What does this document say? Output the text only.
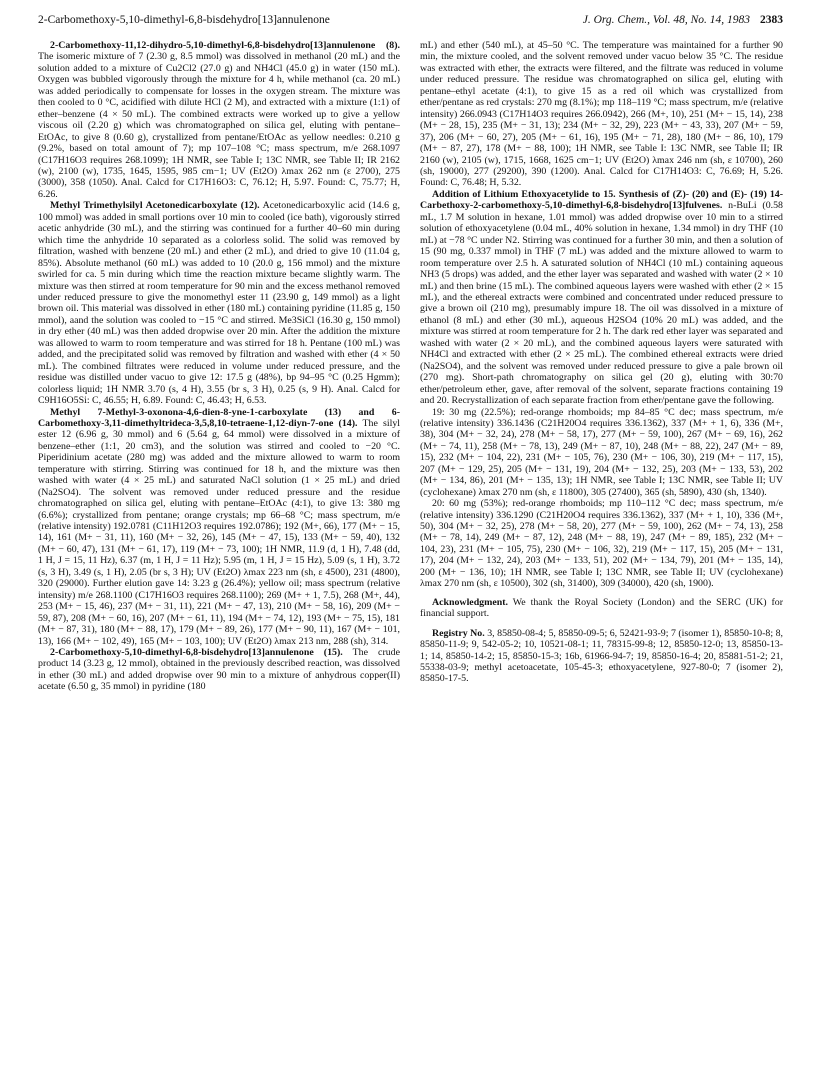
2-Carbomethoxy-5,10-dimethyl-6,8-bisdehydro[13]annulenone	J. Org. Chem., Vol. 48, No. 14, 1983 2383

2-Carbomethoxy-11,12-dihydro-5,10-dimethyl-6,8-bisdehydro[13]annulenone (8). The isomeric mixture of 7 (2.30 g, 8.5 mmol) was dissolved in methanol (20 mL) and the solution added to a mixture of Cu2Cl2 (27.0 g) and NH4Cl (45.0 g) in water (150 mL). Oxygen was bubbled vigorously through the mixture for 4 h, while methanol (ca. 20 mL) was added periodically to compensate for losses in the oxygen stream. The mixture was then cooled to 0 °C, acidified with dilute HCl (2 M), and extracted with a mixture (1:1) of ether–benzene (4 × 50 mL). The combined extracts were worked up to give a yellow viscous oil (2.20 g) which was chromatographed on silica gel, eluting with pentane–EtOAc, to give 8 (0.60 g), crystallized from pentane/EtOAc as yellow needles: 0.210 g (9.2%, based on total amount of 7); mp 107–108 °C; mass spectrum, m/e 268.1097 (C17H16O3 requires 268.1099); 1H NMR, see Table I; 13C NMR, see Table II; IR 2162 (w), 2100 (w), 1735, 1645, 1595, 985 cm−1; UV (Et2O) λmax 262 nm (ε 2700), 275 (3000), 358 (1050). Anal. Calcd for C17H16O3: C, 76.12; H, 5.97. Found: C, 75.77; H, 6.26.

Methyl Trimethylsilyl Acetonedicarboxylate (12). Acetonedicarboxylic acid (14.6 g, 100 mmol) was added in small portions over 10 min to cooled (ice bath), vigorously stirred acetic anhydride (30 mL), and the stirring was continued for a further 40–60 min during which time the anhydride 10 separated as a colorless solid. The solid was removed by filtration, washed with benzene (20 mL) and ether (2 mL), and dried to give 10 (11.04 g, 85%). Absolute methanol (60 mL) was added to 10 (20.0 g, 156 mmol) and the mixture swirled for ca. 5 min during which time the reaction mixture became slightly warm. The mixture was then stirred at room temperature for 90 min and the excess methanol removed under reduced pressure to give the monomethyl ester 11 (23.90 g, 149 mmol) as a light brown oil. This material was dissolved in ether (180 mL) containing pyridine (11.85 g, 150 mmol), aand the solution was cooled to −15 °C and stirred. Me3SiCl (16.30 g, 150 mmol) in dry ether (40 mL) was then added dropwise over 20 min. After the addition the mixture was allowed to warm to room temperature and was stirred for 18 h. Pentane (100 mL) was added, and the precipitated solid was removed by filtration and washed with ether (4 × 50 mL). The combined filtrates were reduced in volume under reduced pressure, and the residue was distilled under vacuo to give 12: 17.5 g (48%), bp 94–95 °C (0.25 Hgmm); colorless liquid; 1H NMR 3.70 (s, 4 H), 3.55 (br s, 3 H), 0.25 (s, 9 H). Anal. Calcd for C9H16O5Si: C, 46.55; H, 6.89. Found: C, 46.43; H, 6.53.

Methyl 7-Methyl-3-oxonona-4,6-dien-8-yne-1-carboxylate (13) and 6-Carbomethoxy-3,11-dimethyltrideca-3,5,8,10-tetraene-1,12-diyn-7-one (14). The silyl ester 12 (6.96 g, 30 mmol) and 6 (5.64 g, 64 mmol) were dissolved in a mixture of benzene–ether (1:1, 20 cm3), and the solution was stirred and cooled to −20 °C. Piperidinium acetate (280 mg) was added and the mixture allowed to warm to room temperature with stirring. Stirring was continued for 18 h, and the mixture was then washed with water (4 × 25 mL) and saturated NaCl solution (1 × 25 mL) and dried (Na2SO4). The solvent was removed under reduced pressure and the residue chromatographed on silica gel, eluting with pentane–EtOAc (4:1), to give 13: 380 mg (6.6%); crystallized from pentane; orange crystals; mp 66–68 °C; mass spectrum, m/e (relative intensity) 192.0781 (C11H12O3 requires 192.0786); 192 (M+, 66), 177 (M+ − 15, 14), 161 (M+ − 31, 11), 160 (M+ − 32, 26), 145 (M+ − 47, 15), 133 (M+ − 59, 40), 132 (M+ − 60, 47), 131 (M+ − 61, 17), 119 (M+ − 73, 100); 1H NMR, 11.9 (d, 1 H), 7.48 (dd, 1 H, J = 15, 11 Hz), 6.37 (m, 1 H, J = 11 Hz); 5.95 (m, 1 H, J = 15 Hz), 5.09 (s, 1 H), 3.72 (s, 3 H), 3.49 (s, 1 H), 2.05 (br s, 3 H); UV (Et2O) λmax 223 nm (sh, ε 4500), 231 (4800), 320 (29000). Further elution gave 14: 3.23 g (26.4%); yellow oil; mass spectrum (relative intensity) m/e 268.1100 (C17H16O3 requires 268.1100); 269 (M+ + 1, 7.5), 268 (M+, 44), 253 (M+ − 15, 46), 237 (M+ − 31, 11), 221 (M+ − 47, 13), 210 (M+ − 58, 16), 209 (M+ − 59, 87), 208 (M+ − 60, 16), 207 (M+ − 61, 11), 194 (M+ − 74, 12), 193 (M+ − 75, 15), 181 (M+ − 87, 31), 180 (M+ − 88, 17), 179 (M+ − 89, 26), 177 (M+ − 90, 11), 167 (M+ − 101, 13), 166 (M+ − 102, 49), 165 (M+ − 103, 100); UV (Et2O) λmax 213 nm, 288 (sh), 314.

2-Carbomethoxy-5,10-dimethyl-6,8-bisdehydro[13]annulenone (15). The crude product 14 (3.23 g, 12 mmol), obtained in the previously described reaction, was dissolved in ether (30 mL) and added dropwise over 90 min to a mixture of anhydrous copper(II) acetate (6.50 g, 35 mmol) in pyridine (180

mL) and ether (540 mL), at 45–50 °C. The temperature was maintained for a further 90 min, the mixture cooled, and the solvent removed under vacuo below 35 °C. The residue was extracted with ether, the extracts were filtered, and the filtrate was reduced in volume under reduced pressure. The residue was chromatographed on silica gel, eluting with pentane–ethyl acetate (4:1), to give 15 as a red oil which was crystallized from ether/pentane as red crystals: 270 mg (8.1%); mp 118–119 °C; mass spectrum, m/e (relative intensity) 266.0943 (C17H14O3 requires 266.0942), 266 (M+, 10), 251 (M+ − 15, 14), 238 (M+ − 28, 15), 235 (M+ − 31, 13); 234 (M+ − 32, 29), 223 (M+ − 43, 33), 207 (M+ − 59, 37), 206 (M+ − 60, 27), 205 (M+ − 61, 16), 195 (M+ − 71, 28), 180 (M+ − 86, 10), 179 (M+ − 87, 27), 178 (M+ − 88, 100); 1H NMR, see Table I: 13C NMR, see Table II; IR 2160 (w), 2105 (w), 1715, 1668, 1625 cm−1; UV (Et2O) λmax 246 nm (sh, ε 10700), 260 (sh, 19000), 277 (29200), 390 (1200). Anal. Calcd for C17H14O3: C, 76.69; H, 5.26. Found: C, 76.48; H, 5.32.

Addition of Lithium Ethoxyacetylide to 15. Synthesis of (Z)- (20) and (E)- (19) 14-Carbethoxy-2-carbomethoxy-5,10-dimethyl-6,8-bisdehydro[13]fulvenes. n-BuLi (0.58 mL, 1.7 M solution in hexane, 1.01 mmol) was added dropwise over 10 min to a stirred solution of ethoxyacetylene (0.04 mL, 40% solution in hexane, 1.34 mmol) in dry THF (10 mL) at −78 °C under N2. Stirring was continued for a further 30 min, and then a solution of 15 (90 mg, 0.337 mmol) in THF (7 mL) was added and the mixture allowed to warm to room temperature over 2.5 h. A saturated solution of NH4Cl (10 mL) containing aqueous NH3 (5 drops) was added, and the ether layer was separated and washed with water (2 × 10 mL) and then brine (15 mL). The combined aqueous layers were washed with ether (2 × 15 mL), and the ethereal extracts were combined and concentrated under reduced pressure to give a brown oil (210 mg), presumably impure 18. The oil was dissolved in a mixture of ethanol (8 mL) and ether (30 mL), aqueous H2SO4 (10% 20 mL) was added, and the mixture was stirred at room temperature for 2 h. The dark red ether layer was separated and washed with water (2 × 20 mL), and the combined aqueous layers were saturated with NH4Cl and extracted with ether (2 × 25 mL). The combined ethereal extracts were dried (Na2SO4), and the solvent was removed under reduced pressure to give a pale brown oil (270 mg). Short-path chromatography on silica gel (20 g), eluting with 30:70 ether/petroleum ether, gave, after removal of the solvent, separate fractions containing 19 and 20. Recrystallization of each separate fraction from ether/pentane gave the following.

19: 30 mg (22.5%); red-orange rhomboids; mp 84–85 °C dec; mass spectrum, m/e (relative intensity) 336.1436 (C21H20O4 requires 336.1362), 337 (M+ + 1, 6), 336 (M+, 38), 304 (M+ − 32, 24), 278 (M+ − 58, 17), 277 (M+ − 59, 100), 267 (M+ − 69, 16), 262 (M+ − 74, 11), 258 (M+ − 78, 13), 249 (M+ − 87, 10), 248 (M+ − 88, 22), 247 (M+ − 89, 15), 232 (M+ − 104, 22), 231 (M+ − 105, 76), 230 (M+ − 106, 30), 219 (M+ − 117, 15), 207 (M+ − 129, 25), 205 (M+ − 131, 19), 204 (M+ − 132, 25), 203 (M+ − 133, 53), 202 (M+ − 134, 86), 201 (M+ − 135, 13); 1H NMR, see Table I; 13C NMR, see Table II; UV (cyclohexane) λmax 270 nm (sh, ε 11800), 305 (27400), 365 (sh, 5890), 430 (sh, 1340).

20: 60 mg (53%); red-orange rhomboids; mp 110–112 °C dec; mass spectrum, m/e (relative intensity) 336.1290 (C21H20O4 requires 336.1362), 337 (M+ + 1, 10), 336 (M+, 50), 304 (M+ − 32, 25), 278 (M+ − 58, 20), 277 (M+ − 59, 100), 262 (M+ − 74, 13), 258 (M+ − 78, 14), 249 (M+ − 87, 12), 248 (M+ − 88, 19), 247 (M+ − 89, 185), 232 (M+ − 104, 23), 231 (M+ − 105, 75), 230 (M+ − 106, 32), 219 (M+ − 117, 15), 205 (M+ − 131, 17), 204 (M+ − 132, 24), 203 (M+ − 133, 51), 202 (M+ − 134, 79), 201 (M+ − 135, 14), 200 (M+ − 136, 10); 1H NMR, see Table I; 13C NMR, see Table II; UV (cyclohexane) λmax 270 nm (sh, ε 10500), 302 (sh, 31400), 309 (34000), 420 (sh, 1900).

Acknowledgment. We thank the Royal Society (London) and the SERC (UK) for financial support.

Registry No. 3, 85850-08-4; 5, 85850-09-5; 6, 52421-93-9; 7 (isomer 1), 85850-10-8; 8, 85850-11-9; 9, 542-05-2; 10, 10521-08-1; 11, 78315-99-8; 12, 85850-12-0; 13, 85850-13-1; 14, 85850-14-2; 15, 85850-15-3; 16b, 61966-94-7; 19, 85850-16-4; 20, 85881-51-2; 21, 55338-03-9; methyl acetoacetate, 105-45-3; ethoxyacetylene, 927-80-0; 7 (isomer 2), 85850-17-5.
